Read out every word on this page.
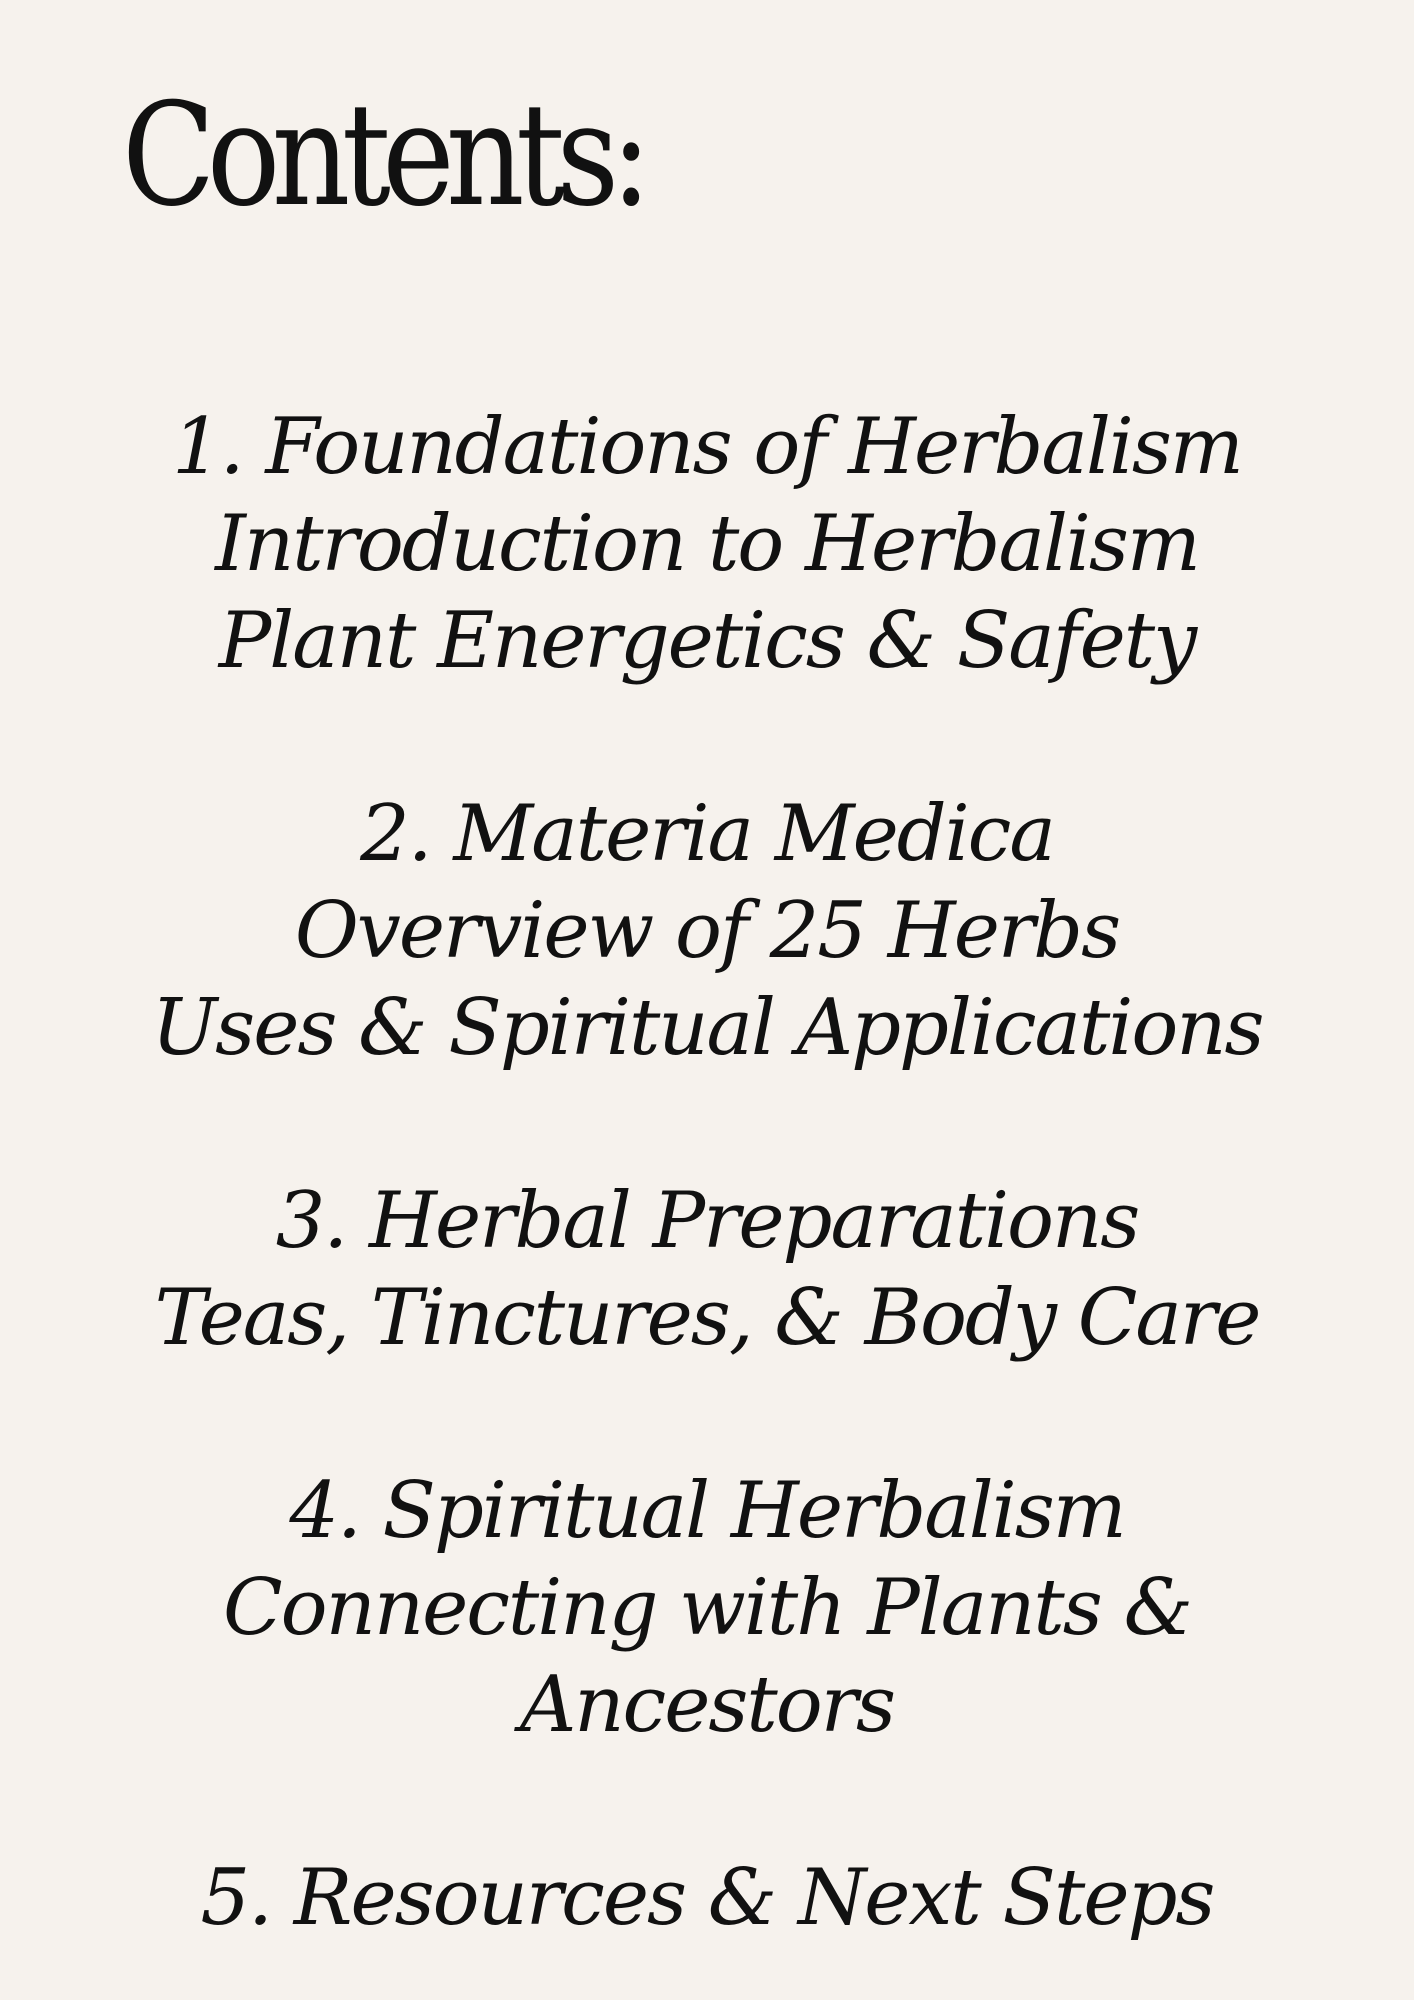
Contents:
1. Foundations of Herbalism
Introduction to Herbalism
Plant Energetics & Safety
2. Materia Medica
Overview of 25 Herbs
Uses & Spiritual Applications
3. Herbal Preparations
Teas, Tinctures, & Body Care
4. Spiritual Herbalism
Connecting with Plants &
Ancestors
5. Resources & Next Steps
